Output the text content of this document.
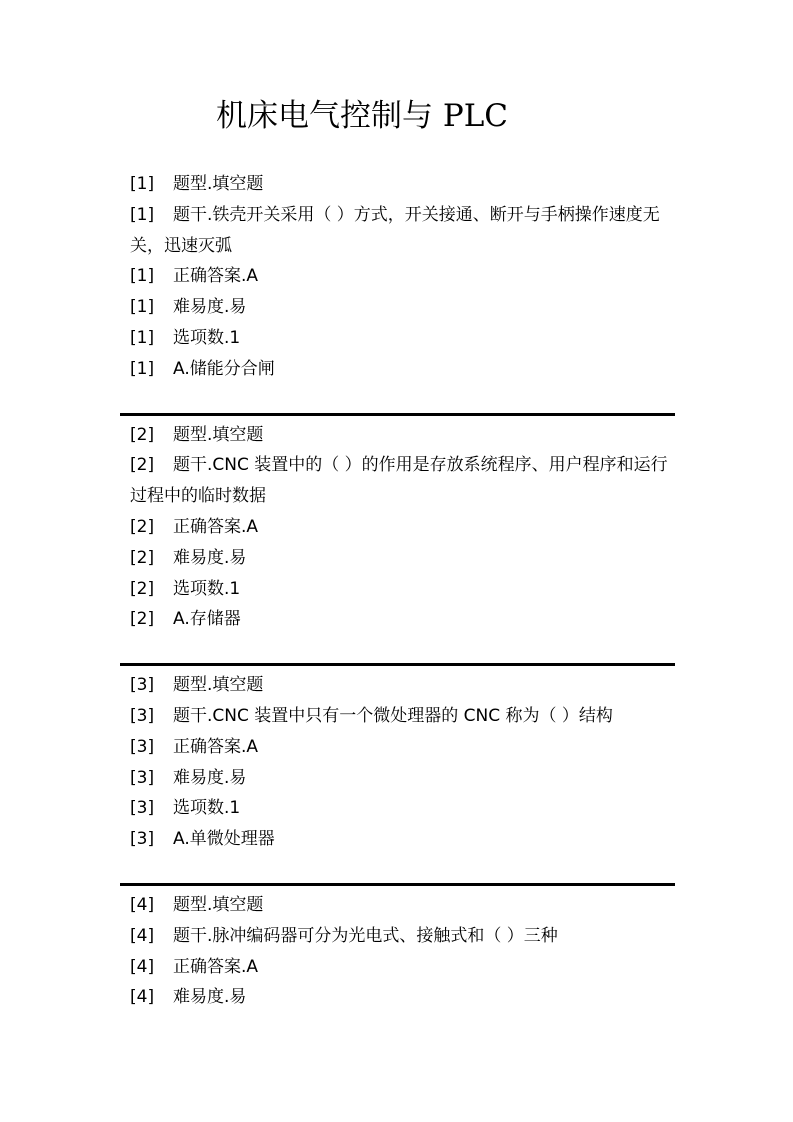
机床电气控制与 PLC
[1] 题型.填空题
[1] 题干.铁壳开关采用（ ）方式，开关接通、断开与手柄操作速度无关，迅速灭弧
[1] 正确答案.A
[1] 难易度.易
[1] 选项数.1
[1] A.储能分合闸
[2] 题型.填空题
[2] 题干.CNC 装置中的（ ）的作用是存放系统程序、用户程序和运行过程中的临时数据
[2] 正确答案.A
[2] 难易度.易
[2] 选项数.1
[2] A.存储器
[3] 题型.填空题
[3] 题干.CNC 装置中只有一个微处理器的 CNC 称为（ ）结构
[3] 正确答案.A
[3] 难易度.易
[3] 选项数.1
[3] A.单微处理器
[4] 题型.填空题
[4] 题干.脉冲编码器可分为光电式、接触式和（ ）三种
[4] 正确答案.A
[4] 难易度.易
